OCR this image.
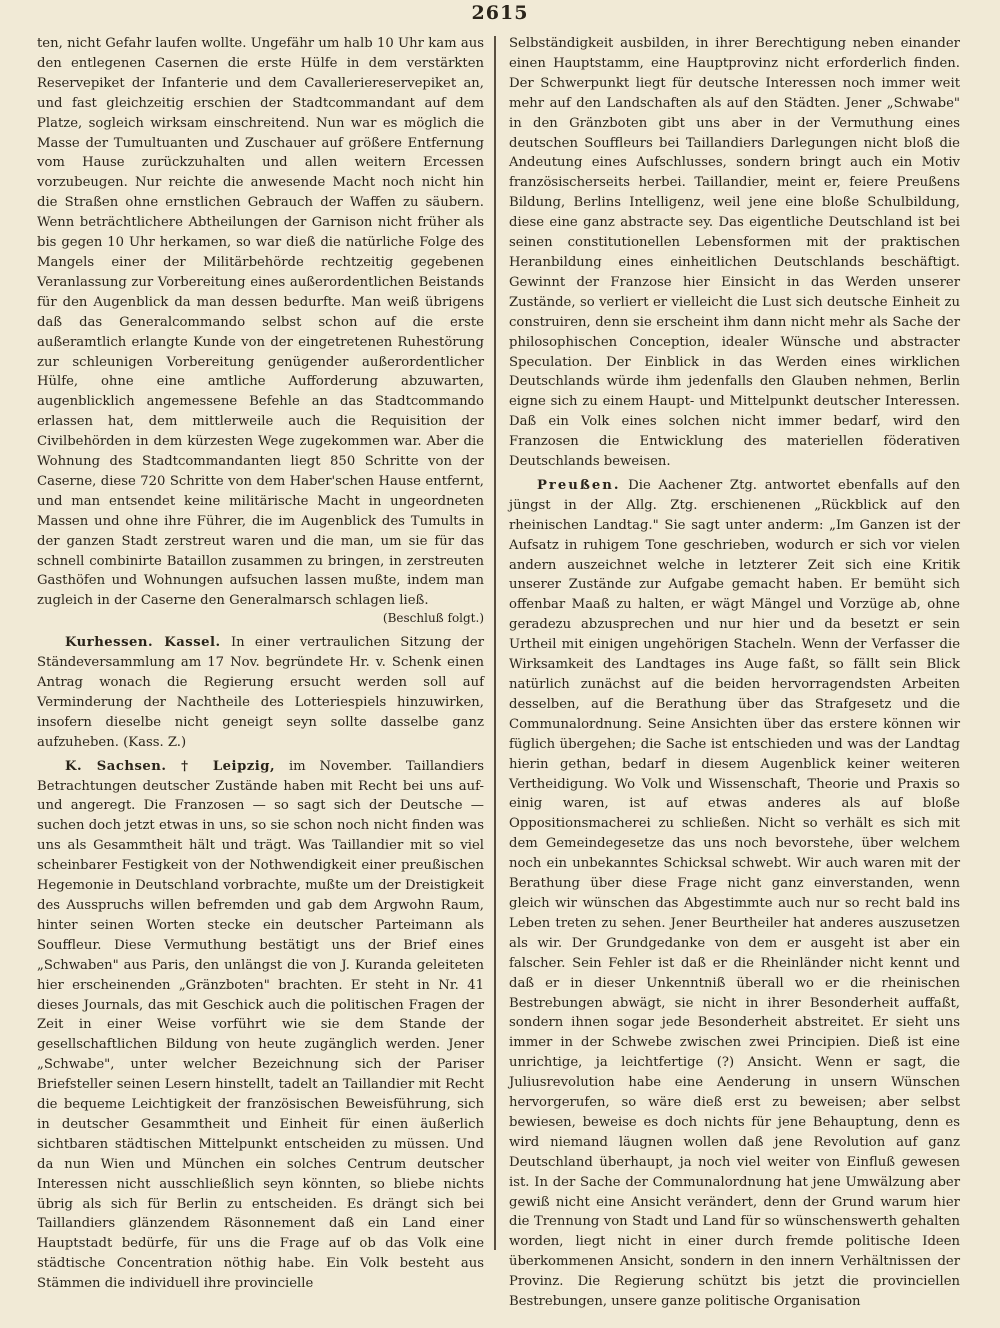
2615

ten, nicht Gefahr laufen wollte. Ungefähr um halb 10 Uhr kam aus den entlegenen Casernen die erste Hülfe in dem verstärkten Reservepiket der Infanterie und dem Cavalleriereservepiket an, und fast gleichzeitig erschien der Stadtcommandant auf dem Platze, sogleich wirksam einschreitend. Nun war es möglich die Masse der Tumultuanten und Zuschauer auf größere Entfernung vom Hause zurückzuhalten und allen weitern Ercessen vorzubeugen. Nur reichte die anwesende Macht noch nicht hin die Straßen ohne ernstlichen Gebrauch der Waffen zu säubern. Wenn beträchtlichere Abtheilungen der Garnison nicht früher als bis gegen 10 Uhr herkamen, so war dieß die natürliche Folge des Mangels einer der Militärbehörde rechtzeitig gegebenen Veranlassung zur Vorbereitung eines außerordentlichen Beistands für den Augenblick da man dessen bedurfte. Man weiß übrigens daß das Generalcommando selbst schon auf die erste außeramtlich erlangte Kunde von der eingetretenen Ruhestörung zur schleunigen Vorbereitung genügender außerordentlicher Hülfe, ohne eine amtliche Aufforderung abzuwarten, augenblicklich angemessene Befehle an das Stadtcommando erlassen hat, dem mittlerweile auch die Requisition der Civilbehörden in dem kürzesten Wege zugekommen war. Aber die Wohnung des Stadtcommandanten liegt 850 Schritte von der Caserne, diese 720 Schritte von dem Haber'schen Hause entfernt, und man entsendet keine militärische Macht in ungeordneten Massen und ohne ihre Führer, die im Augenblick des Tumults in der ganzen Stadt zerstreut waren und die man, um sie für das schnell combinirte Bataillon zusammen zu bringen, in zerstreuten Gasthöfen und Wohnungen aufsuchen lassen mußte, indem man zugleich in der Caserne den Generalmarsch schlagen ließ.

(Beschluß folgt.)

Kurhessen. Kassel. In einer vertraulichen Sitzung der Ständeversammlung am 17 Nov. begründete Hr. v. Schenk einen Antrag wonach die Regierung ersucht werden soll auf Verminderung der Nachtheile des Lotteriespiels hinzuwirken, insofern dieselbe nicht geneigt seyn sollte dasselbe ganz aufzuheben. (Kass. Z.)

K. Sachsen. † Leipzig, im November. Taillandiers Betrachtungen deutscher Zustände haben mit Recht bei uns auf- und angeregt. Die Franzosen — so sagt sich der Deutsche — suchen doch jetzt etwas in uns, so sie schon noch nicht finden was uns als Gesammtheit hält und trägt. Was Taillandier mit so viel scheinbarer Festigkeit von der Nothwendigkeit einer preußischen Hegemonie in Deutschland vorbrachte, mußte um der Dreistigkeit des Ausspruchs willen befremden und gab dem Argwohn Raum, hinter seinen Worten stecke ein deutscher Parteimann als Souffleur. Diese Vermuthung bestätigt uns der Brief eines „Schwaben" aus Paris, den unlängst die von J. Kuranda geleiteten hier erscheinenden „Gränzboten" brachten. Er steht in Nr. 41 dieses Journals, das mit Geschick auch die politischen Fragen der Zeit in einer Weise vorführt wie sie dem Stande der gesellschaftlichen Bildung von heute zugänglich werden. Jener „Schwabe", unter welcher Bezeichnung sich der Pariser Briefsteller seinen Lesern hinstellt, tadelt an Taillandier mit Recht die bequeme Leichtigkeit der französischen Beweisführung, sich in deutscher Gesammtheit und Einheit für einen äußerlich sichtbaren städtischen Mittelpunkt entscheiden zu müssen. Und da nun Wien und München ein solches Centrum deutscher Interessen nicht ausschließlich seyn könnten, so bliebe nichts übrig als sich für Berlin zu entscheiden. Es drängt sich bei Taillandiers glänzendem Räsonnement daß ein Land einer Hauptstadt bedürfe, für uns die Frage auf ob das Volk eine städtische Concentration nöthig habe. Ein Volk besteht aus Stämmen die individuell ihre provincielle

Selbständigkeit ausbilden, in ihrer Berechtigung neben einander einen Hauptstamm, eine Hauptprovinz nicht erforderlich finden. Der Schwerpunkt liegt für deutsche Interessen noch immer weit mehr auf den Landschaften als auf den Städten. Jener „Schwabe" in den Gränzboten gibt uns aber in der Vermuthung eines deutschen Souffleurs bei Taillandiers Darlegungen nicht bloß die Andeutung eines Aufschlusses, sondern bringt auch ein Motiv französischerseits herbei. Taillandier, meint er, feiere Preußens Bildung, Berlins Intelligenz, weil jene eine bloße Schulbildung, diese eine ganz abstracte sey. Das eigentliche Deutschland ist bei seinen constitutionellen Lebensformen mit der praktischen Heranbildung eines einheitlichen Deutschlands beschäftigt. Gewinnt der Franzose hier Einsicht in das Werden unserer Zustände, so verliert er vielleicht die Lust sich deutsche Einheit zu construiren, denn sie erscheint ihm dann nicht mehr als Sache der philosophischen Conception, idealer Wünsche und abstracter Speculation. Der Einblick in das Werden eines wirklichen Deutschlands würde ihm jedenfalls den Glauben nehmen, Berlin eigne sich zu einem Haupt- und Mittelpunkt deutscher Interessen. Daß ein Volk eines solchen nicht immer bedarf, wird den Franzosen die Entwicklung des materiellen föderativen Deutschlands beweisen.

Preußen. Die Aachener Ztg. antwortet ebenfalls auf den jüngst in der Allg. Ztg. erschienenen „Rückblick auf den rheinischen Landtag." Sie sagt unter anderm: „Im Ganzen ist der Aufsatz in ruhigem Tone geschrieben, wodurch er sich vor vielen andern auszeichnet welche in letzterer Zeit sich eine Kritik unserer Zustände zur Aufgabe gemacht haben. Er bemüht sich offenbar Maaß zu halten, er wägt Mängel und Vorzüge ab, ohne geradezu abzusprechen und nur hier und da besetzt er sein Urtheil mit einigen ungehörigen Stacheln. Wenn der Verfasser die Wirksamkeit des Landtages ins Auge faßt, so fällt sein Blick natürlich zunächst auf die beiden hervorragendsten Arbeiten desselben, auf die Berathung über das Strafgesetz und die Communalordnung. Seine Ansichten über das erstere können wir füglich übergehen; die Sache ist entschieden und was der Landtag hierin gethan, bedarf in diesem Augenblick keiner weiteren Vertheidigung. Wo Volk und Wissenschaft, Theorie und Praxis so einig waren, ist auf etwas anderes als auf bloße Oppositionsmacherei zu schließen. Nicht so verhält es sich mit dem Gemeindegesetze das uns noch bevorstehe, über welchem noch ein unbekanntes Schicksal schwebt. Wir auch waren mit der Berathung über diese Frage nicht ganz einverstanden, wenn gleich wir wünschen das Abgestimmte auch nur so recht bald ins Leben treten zu sehen. Jener Beurtheiler hat anderes auszusetzen als wir. Der Grundgedanke von dem er ausgeht ist aber ein falscher. Sein Fehler ist daß er die Rheinländer nicht kennt und daß er in dieser Unkenntniß überall wo er die rheinischen Bestrebungen abwägt, sie nicht in ihrer Besonderheit auffaßt, sondern ihnen sogar jede Besonderheit abstreitet. Er sieht uns immer in der Schwebe zwischen zwei Principien. Dieß ist eine unrichtige, ja leichtfertige (?) Ansicht. Wenn er sagt, die Juliusrevolution habe eine Aenderung in unsern Wünschen hervorgerufen, so wäre dieß erst zu beweisen; aber selbst bewiesen, beweise es doch nichts für jene Behauptung, denn es wird niemand läugnen wollen daß jene Revolution auf ganz Deutschland überhaupt, ja noch viel weiter von Einfluß gewesen ist. In der Sache der Communalordnung hat jene Umwälzung aber gewiß nicht eine Ansicht verändert, denn der Grund warum hier die Trennung von Stadt und Land für so wünschenswerth gehalten worden, liegt nicht in einer durch fremde politische Ideen überkommenen Ansicht, sondern in den innern Verhältnissen der Provinz. Die Regierung schützt bis jetzt die provinciellen Bestrebungen, unsere ganze politische Organisation
